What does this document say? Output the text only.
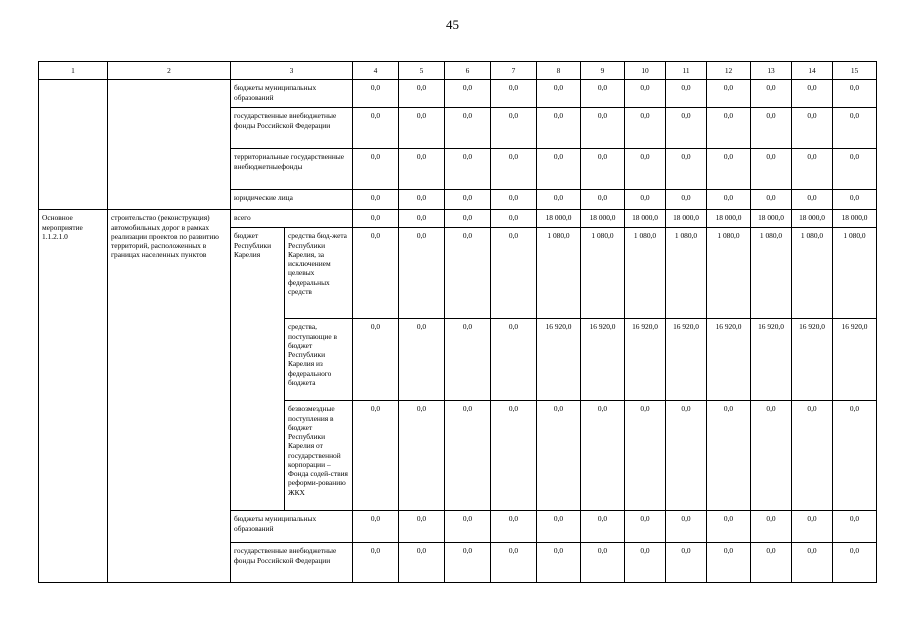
45
1	2	3		4	5	6	7	8	9	10	11	12	13	14	15
		бюджеты муниципальных образований		0,0	0,0	0,0	0,0	0,0	0,0	0,0	0,0	0,0	0,0	0,0	0,0
		государственные внебюджетные фонды Российской Федерации		0,0	0,0	0,0	0,0	0,0	0,0	0,0	0,0	0,0	0,0	0,0	0,0
		территориальные государственные внебюджетныефонды		0,0	0,0	0,0	0,0	0,0	0,0	0,0	0,0	0,0	0,0	0,0	0,0
		юридические лица		0,0	0,0	0,0	0,0	0,0	0,0	0,0	0,0	0,0	0,0	0,0	0,0
Основное мероприятие 1.1.2.1.0	строительство (реконструкция) автомобильных дорог в рамках реализации проектов по развитию территорий, расположенных в границах населенных пунктов	всего		0,0	0,0	0,0	0,0	18 000,0	18 000,0	18 000,0	18 000,0	18 000,0	18 000,0	18 000,0	18 000,0
		бюджет Республики Карелия	средства бюд-жета Республики Карелия, за исключением целевых федеральных средств	0,0	0,0	0,0	0,0	1 080,0	1 080,0	1 080,0	1 080,0	1 080,0	1 080,0	1 080,0	1 080,0
			средства, поступающие в бюджет Республики Карелия из федерального бюджета	0,0	0,0	0,0	0,0	16 920,0	16 920,0	16 920,0	16 920,0	16 920,0	16 920,0	16 920,0	16 920,0
			безвозмездные поступления в бюджет Республики Карелия от государственной корпорации – Фонда содей-ствия реформи-рованию ЖКХ	0,0	0,0	0,0	0,0	0,0	0,0	0,0	0,0	0,0	0,0	0,0	0,0
		бюджеты муниципальных образований		0,0	0,0	0,0	0,0	0,0	0,0	0,0	0,0	0,0	0,0	0,0	0,0
		государственные внебюджетные фонды Российской Федерации		0,0	0,0	0,0	0,0	0,0	0,0	0,0	0,0	0,0	0,0	0,0	0,0
